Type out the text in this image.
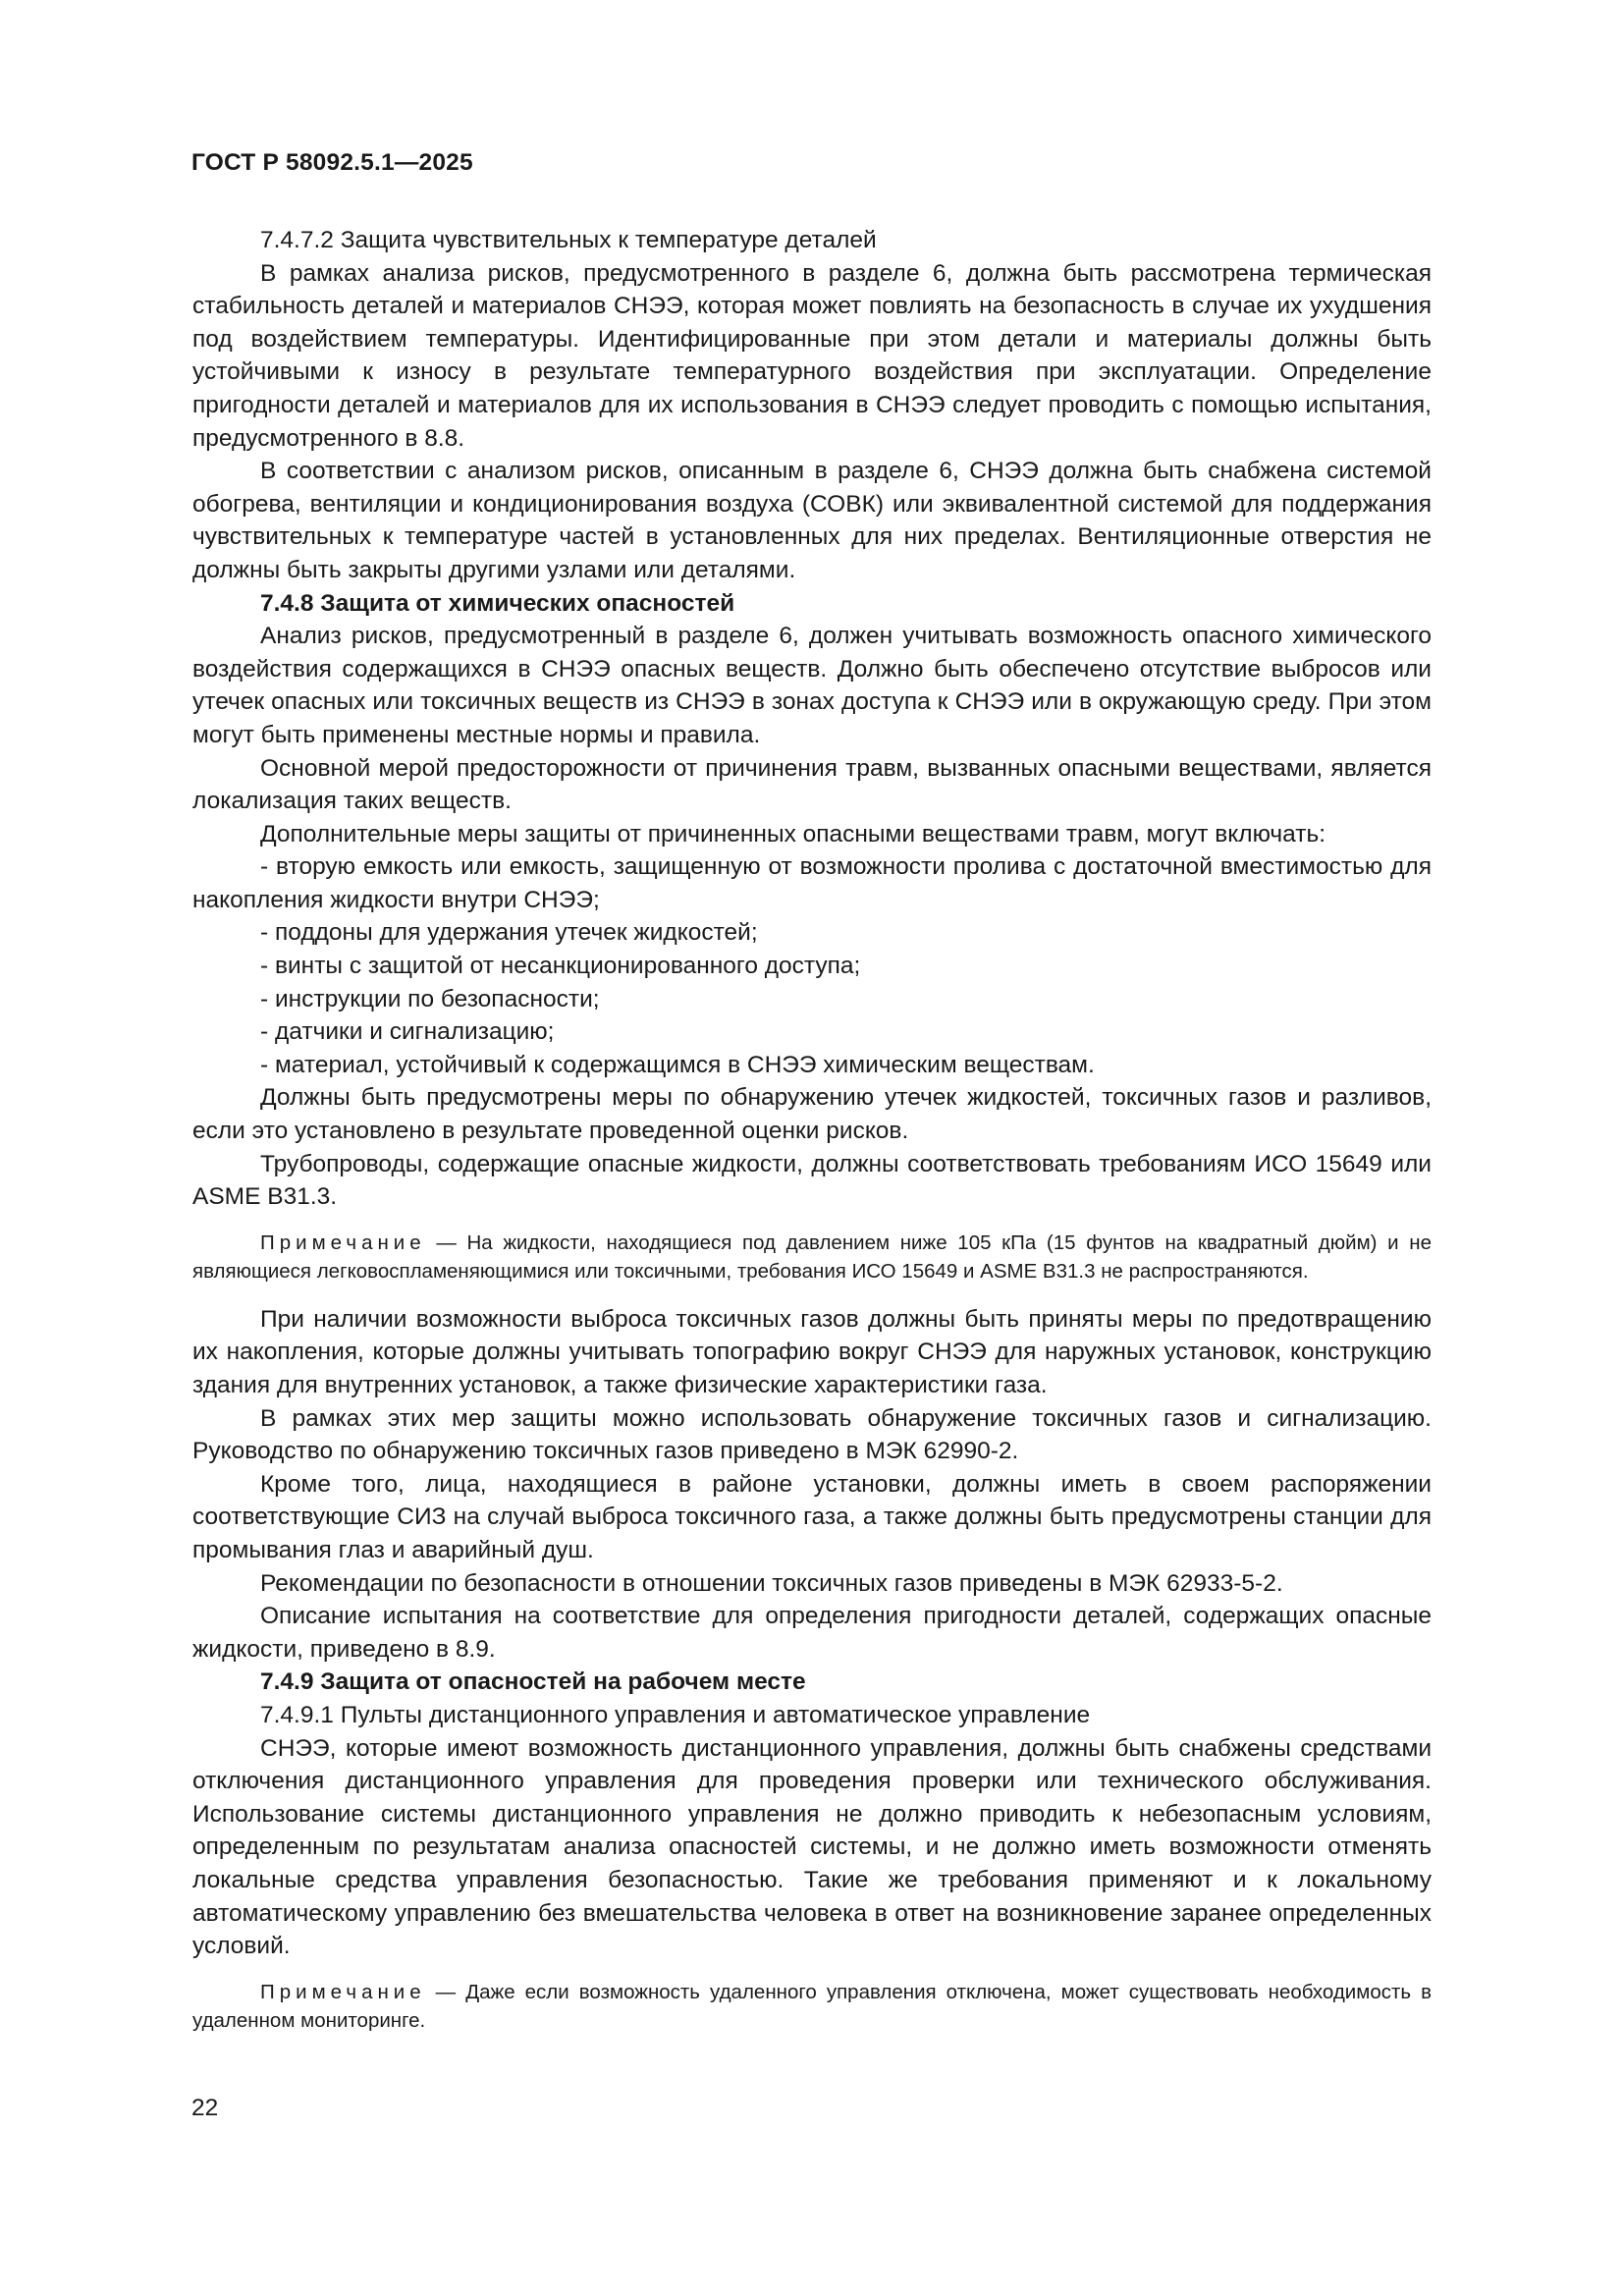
ГОСТ Р 58092.5.1—2025

7.4.7.2 Защита чувствительных к температуре деталей

В рамках анализа рисков, предусмотренного в разделе 6, должна быть рассмотрена термическая стабильность деталей и материалов СНЭЭ, которая может повлиять на безопасность в случае их ухудшения под воздействием температуры. Идентифицированные при этом детали и материалы должны быть устойчивыми к износу в результате температурного воздействия при эксплуатации. Определение пригодности деталей и материалов для их использования в СНЭЭ следует проводить с помощью испытания, предусмотренного в 8.8.

В соответствии с анализом рисков, описанным в разделе 6, СНЭЭ должна быть снабжена системой обогрева, вентиляции и кондиционирования воздуха (СОВК) или эквивалентной системой для поддержания чувствительных к температуре частей в установленных для них пределах. Вентиляционные отверстия не должны быть закрыты другими узлами или деталями.

7.4.8 Защита от химических опасностей

Анализ рисков, предусмотренный в разделе 6, должен учитывать возможность опасного химического воздействия содержащихся в СНЭЭ опасных веществ. Должно быть обеспечено отсутствие выбросов или утечек опасных или токсичных веществ из СНЭЭ в зонах доступа к СНЭЭ или в окружающую среду. При этом могут быть применены местные нормы и правила.

Основной мерой предосторожности от причинения травм, вызванных опасными веществами, является локализация таких веществ.

Дополнительные меры защиты от причиненных опасными веществами травм, могут включать:

- вторую емкость или емкость, защищенную от возможности пролива с достаточной вместимостью для накопления жидкости внутри СНЭЭ;

- поддоны для удержания утечек жидкостей;

- винты с защитой от несанкционированного доступа;

- инструкции по безопасности;

- датчики и сигнализацию;

- материал, устойчивый к содержащимся в СНЭЭ химическим веществам.

Должны быть предусмотрены меры по обнаружению утечек жидкостей, токсичных газов и разливов, если это установлено в результате проведенной оценки рисков.

Трубопроводы, содержащие опасные жидкости, должны соответствовать требованиям ИСО 15649 или ASME B31.3.

Примечание — На жидкости, находящиеся под давлением ниже 105 кПа (15 фунтов на квадратный дюйм) и не являющиеся легковоспламеняющимися или токсичными, требования ИСО 15649 и ASME B31.3 не распространяются.

При наличии возможности выброса токсичных газов должны быть приняты меры по предотвращению их накопления, которые должны учитывать топографию вокруг СНЭЭ для наружных установок, конструкцию здания для внутренних установок, а также физические характеристики газа.

В рамках этих мер защиты можно использовать обнаружение токсичных газов и сигнализацию. Руководство по обнаружению токсичных газов приведено в МЭК 62990-2.

Кроме того, лица, находящиеся в районе установки, должны иметь в своем распоряжении соответствующие СИЗ на случай выброса токсичного газа, а также должны быть предусмотрены станции для промывания глаз и аварийный душ.

Рекомендации по безопасности в отношении токсичных газов приведены в МЭК 62933-5-2.

Описание испытания на соответствие для определения пригодности деталей, содержащих опасные жидкости, приведено в 8.9.

7.4.9 Защита от опасностей на рабочем месте

7.4.9.1 Пульты дистанционного управления и автоматическое управление

СНЭЭ, которые имеют возможность дистанционного управления, должны быть снабжены средствами отключения дистанционного управления для проведения проверки или технического обслуживания. Использование системы дистанционного управления не должно приводить к небезопасным условиям, определенным по результатам анализа опасностей системы, и не должно иметь возможности отменять локальные средства управления безопасностью. Такие же требования применяют и к локальному автоматическому управлению без вмешательства человека в ответ на возникновение заранее определенных условий.

Примечание — Даже если возможность удаленного управления отключена, может существовать необходимость в удаленном мониторинге.
22
